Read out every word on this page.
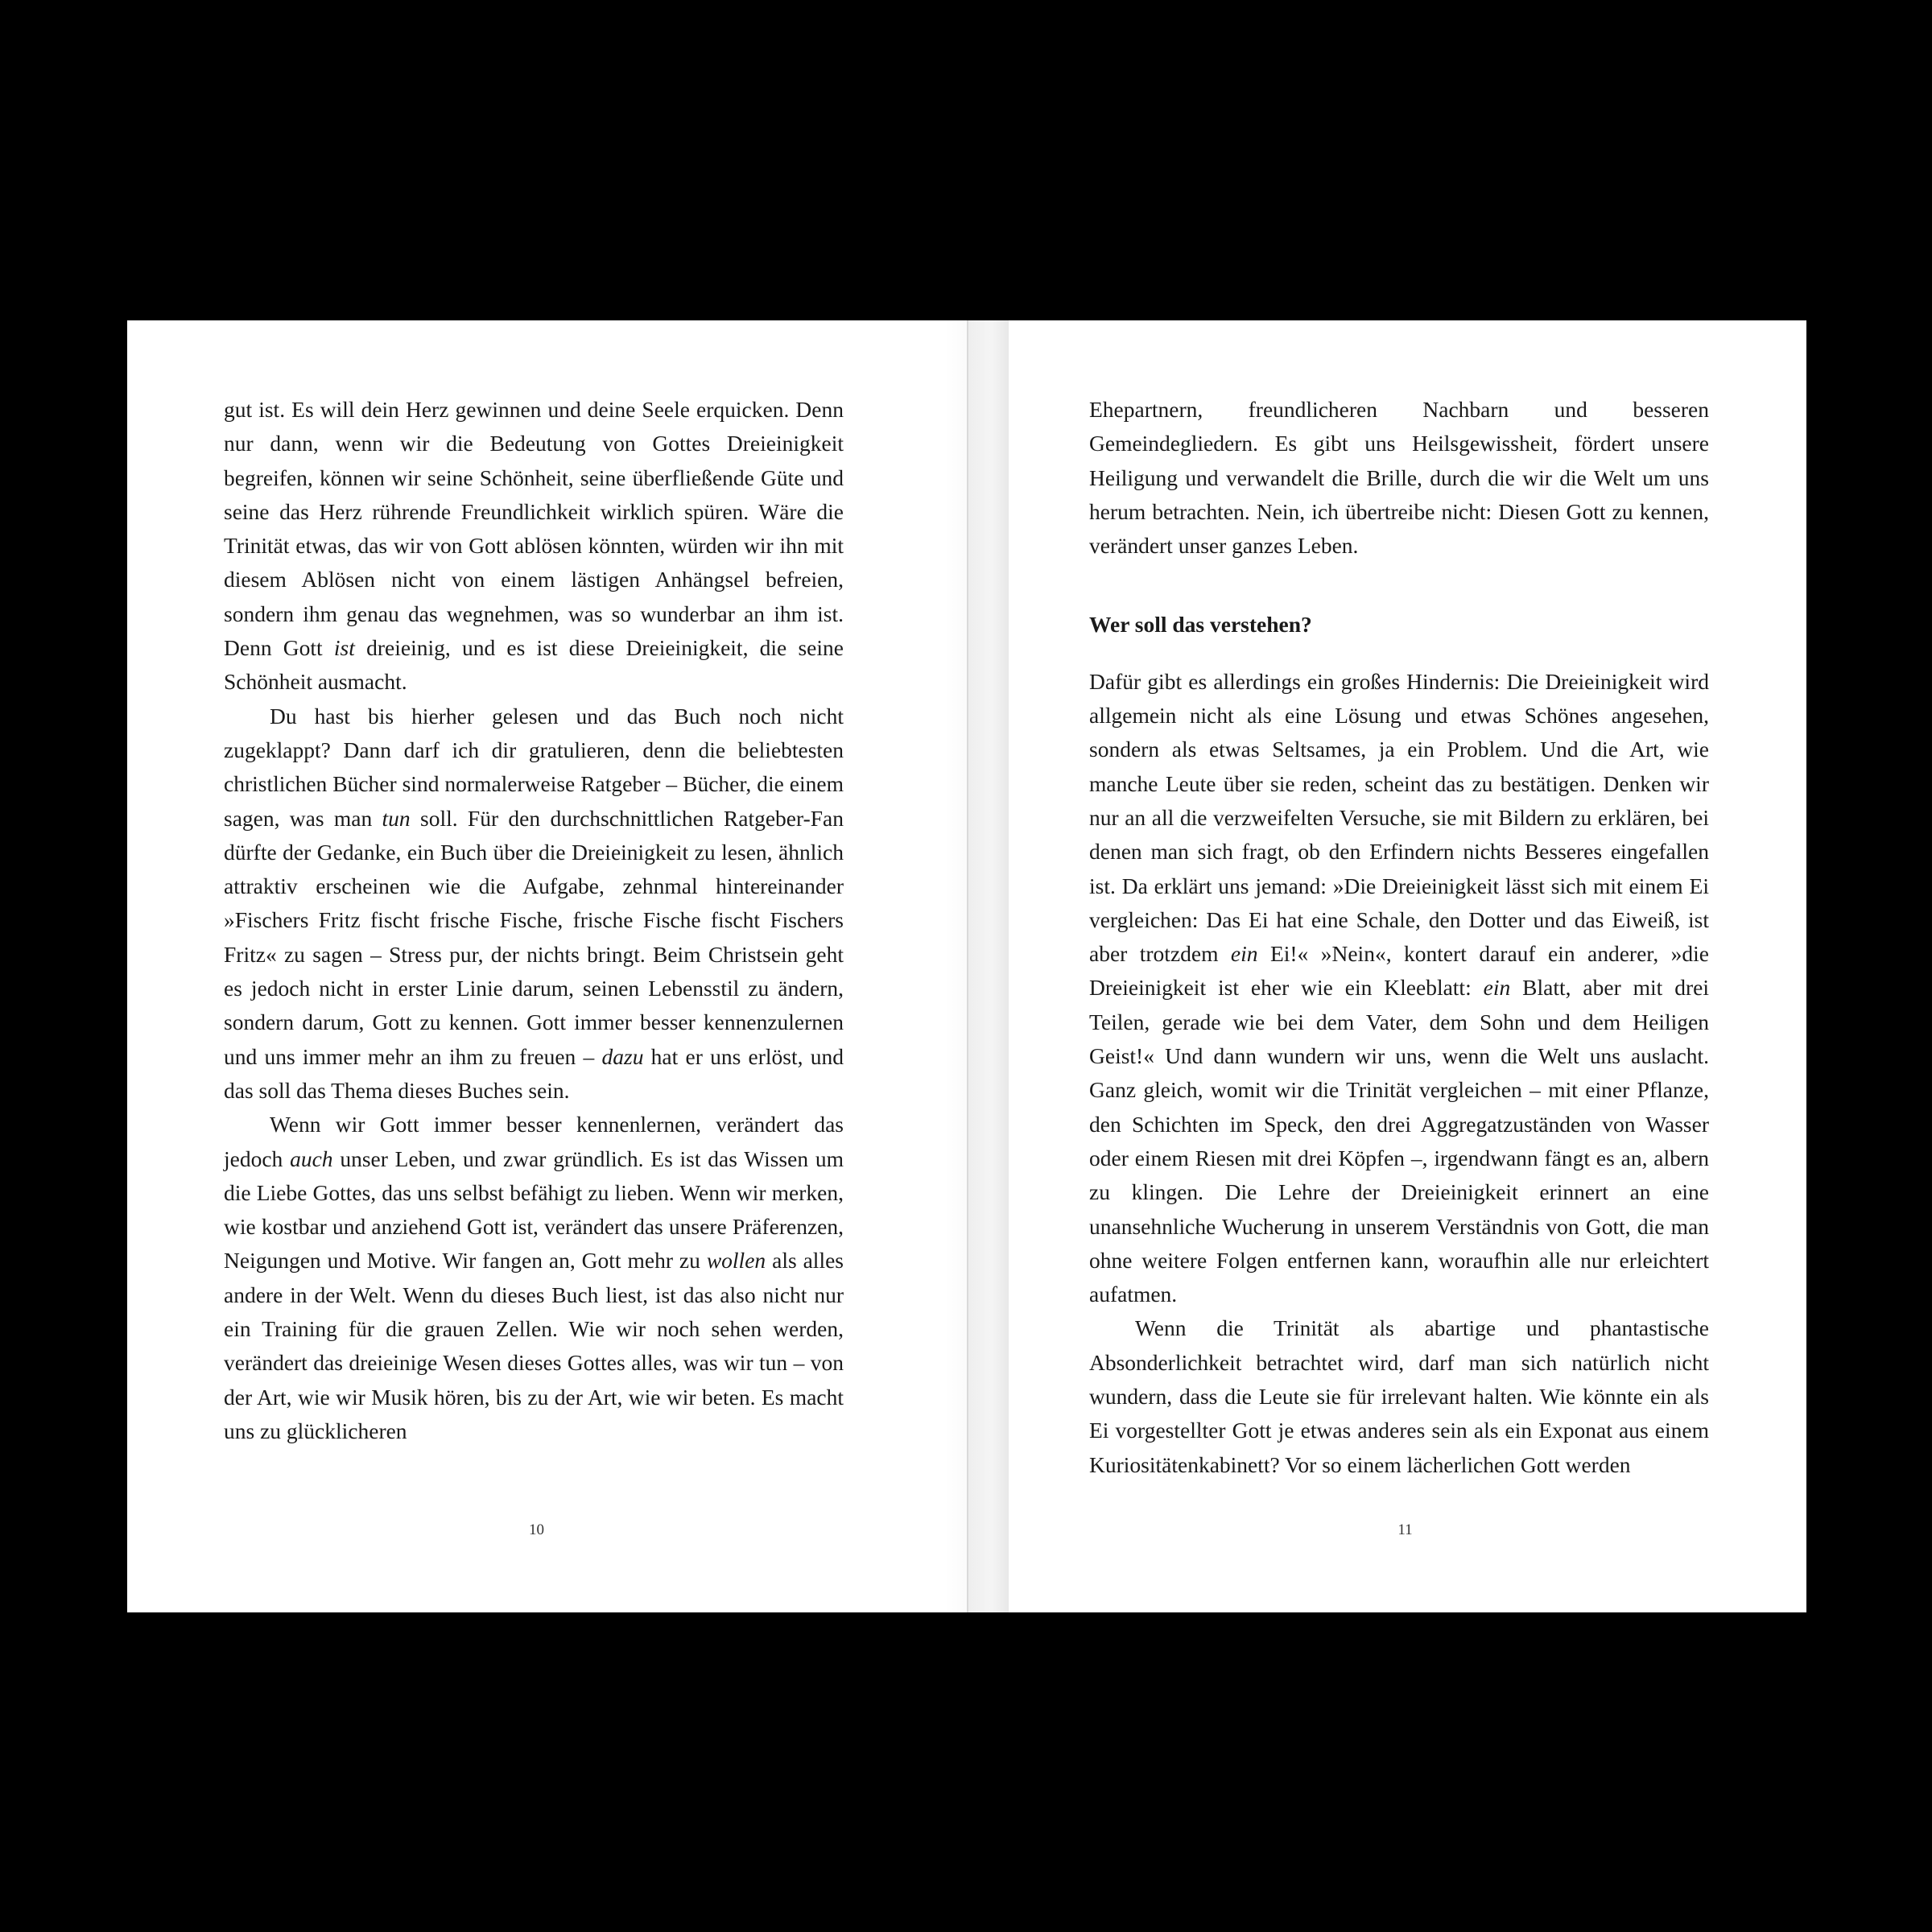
gut ist. Es will dein Herz gewinnen und deine Seele erquicken. Denn nur dann, wenn wir die Bedeutung von Gottes Dreieinigkeit begreifen, können wir seine Schönheit, seine überfließende Güte und seine das Herz rührende Freundlichkeit wirklich spüren. Wäre die Trinität etwas, das wir von Gott ablösen könnten, würden wir ihn mit diesem Ablösen nicht von einem lästigen Anhängsel befreien, sondern ihm genau das wegnehmen, was so wunderbar an ihm ist. Denn Gott ist dreieinig, und es ist diese Dreieinigkeit, die seine Schönheit ausmacht.

Du hast bis hierher gelesen und das Buch noch nicht zugeklappt? Dann darf ich dir gratulieren, denn die beliebtesten christlichen Bücher sind normalerweise Ratgeber – Bücher, die einem sagen, was man tun soll. Für den durchschnittlichen Ratgeber-Fan dürfte der Gedanke, ein Buch über die Dreieinigkeit zu lesen, ähnlich attraktiv erscheinen wie die Aufgabe, zehnmal hintereinander »Fischers Fritz fischt frische Fische, frische Fische fischt Fischers Fritz« zu sagen – Stress pur, der nichts bringt. Beim Christsein geht es jedoch nicht in erster Linie darum, seinen Lebensstil zu ändern, sondern darum, Gott zu kennen. Gott immer besser kennenzulernen und uns immer mehr an ihm zu freuen – dazu hat er uns erlöst, und das soll das Thema dieses Buches sein.

Wenn wir Gott immer besser kennenlernen, verändert das jedoch auch unser Leben, und zwar gründlich. Es ist das Wissen um die Liebe Gottes, das uns selbst befähigt zu lieben. Wenn wir merken, wie kostbar und anziehend Gott ist, verändert das unsere Präferenzen, Neigungen und Motive. Wir fangen an, Gott mehr zu wollen als alles andere in der Welt. Wenn du dieses Buch liest, ist das also nicht nur ein Training für die grauen Zellen. Wie wir noch sehen werden, verändert das dreieinige Wesen dieses Gottes alles, was wir tun – von der Art, wie wir Musik hören, bis zu der Art, wie wir beten. Es macht uns zu glücklicheren

10

Ehepartnern, freundlicheren Nachbarn und besseren Gemeindegliedern. Es gibt uns Heilsgewissheit, fördert unsere Heiligung und verwandelt die Brille, durch die wir die Welt um uns herum betrachten. Nein, ich übertreibe nicht: Diesen Gott zu kennen, verändert unser ganzes Leben.

Wer soll das verstehen?

Dafür gibt es allerdings ein großes Hindernis: Die Dreieinigkeit wird allgemein nicht als eine Lösung und etwas Schönes angesehen, sondern als etwas Seltsames, ja ein Problem. Und die Art, wie manche Leute über sie reden, scheint das zu bestätigen. Denken wir nur an all die verzweifelten Versuche, sie mit Bildern zu erklären, bei denen man sich fragt, ob den Erfindern nichts Besseres eingefallen ist. Da erklärt uns jemand: »Die Dreieinigkeit lässt sich mit einem Ei vergleichen: Das Ei hat eine Schale, den Dotter und das Eiweiß, ist aber trotzdem ein Ei!« »Nein«, kontert darauf ein anderer, »die Dreieinigkeit ist eher wie ein Kleeblatt: ein Blatt, aber mit drei Teilen, gerade wie bei dem Vater, dem Sohn und dem Heiligen Geist!« Und dann wundern wir uns, wenn die Welt uns auslacht. Ganz gleich, womit wir die Trinität vergleichen – mit einer Pflanze, den Schichten im Speck, den drei Aggregatzuständen von Wasser oder einem Riesen mit drei Köpfen –, irgendwann fängt es an, albern zu klingen. Die Lehre der Dreieinigkeit erinnert an eine unansehnliche Wucherung in unserem Verständnis von Gott, die man ohne weitere Folgen entfernen kann, woraufhin alle nur erleichtert aufatmen.

Wenn die Trinität als abartige und phantastische Absonderlichkeit betrachtet wird, darf man sich natürlich nicht wundern, dass die Leute sie für irrelevant halten. Wie könnte ein als Ei vorgestellter Gott je etwas anderes sein als ein Exponat aus einem Kuriositätenkabinett? Vor so einem lächerlichen Gott werden

11
